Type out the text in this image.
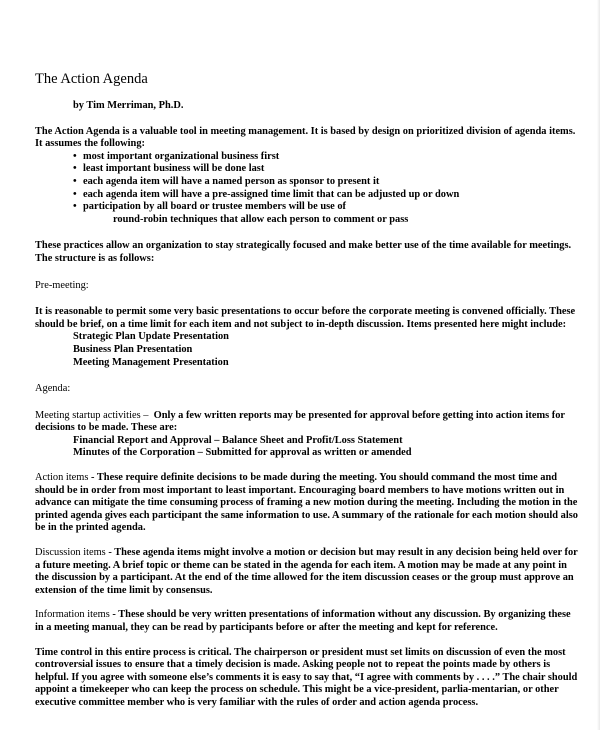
The Action Agenda

by Tim Merriman, Ph.D.

The Action Agenda is a valuable tool in meeting management. It is based by design on prioritized division of agenda items. It assumes the following:

• most important organizational business first
• least important business will be done last
• each agenda item will have a named person as sponsor to present it
• each agenda item will have a pre-assigned time limit that can be adjusted up or down
• participation by all board or trustee members will be use of
round-robin techniques that allow each person to comment or pass

These practices allow an organization to stay strategically focused and make better use of the time available for meetings. The structure is as follows:

Pre-meeting:

It is reasonable to permit some very basic presentations to occur before the corporate meeting is convened officially. These should be brief, on a time limit for each item and not subject to in-depth discussion. Items presented here might include:

Strategic Plan Update Presentation
Business Plan Presentation
Meeting Management Presentation

Agenda:

Meeting startup activities – Only a few written reports may be presented for approval before getting into action items for decisions to be made. These are:

Financial Report and Approval – Balance Sheet and Profit/Loss Statement
Minutes of the Corporation – Submitted for approval as written or amended

Action items - These require definite decisions to be made during the meeting. You should command the most time and should be in order from most important to least important. Encouraging board members to have motions written out in advance can mitigate the time consuming process of framing a new motion during the meeting. Including the motion in the printed agenda gives each participant the same information to use. A summary of the rationale for each motion should also be in the printed agenda.

Discussion items - These agenda items might involve a motion or decision but may result in any decision being held over for a future meeting. A brief topic or theme can be stated in the agenda for each item. A motion may be made at any point in the discussion by a participant. At the end of the time allowed for the item discussion ceases or the group must approve an extension of the time limit by consensus.

Information items - These should be very written presentations of information without any discussion. By organizing these in a meeting manual, they can be read by participants before or after the meeting and kept for reference.

Time control in this entire process is critical. The chairperson or president must set limits on discussion of even the most controversial issues to ensure that a timely decision is made. Asking people not to repeat the points made by others is helpful. If you agree with someone else’s comments it is easy to say that, “I agree with comments by . . . .” The chair should appoint a timekeeper who can keep the process on schedule. This might be a vice-president, parlia-mentarian, or other executive committee member who is very familiar with the rules of order and action agenda process.
